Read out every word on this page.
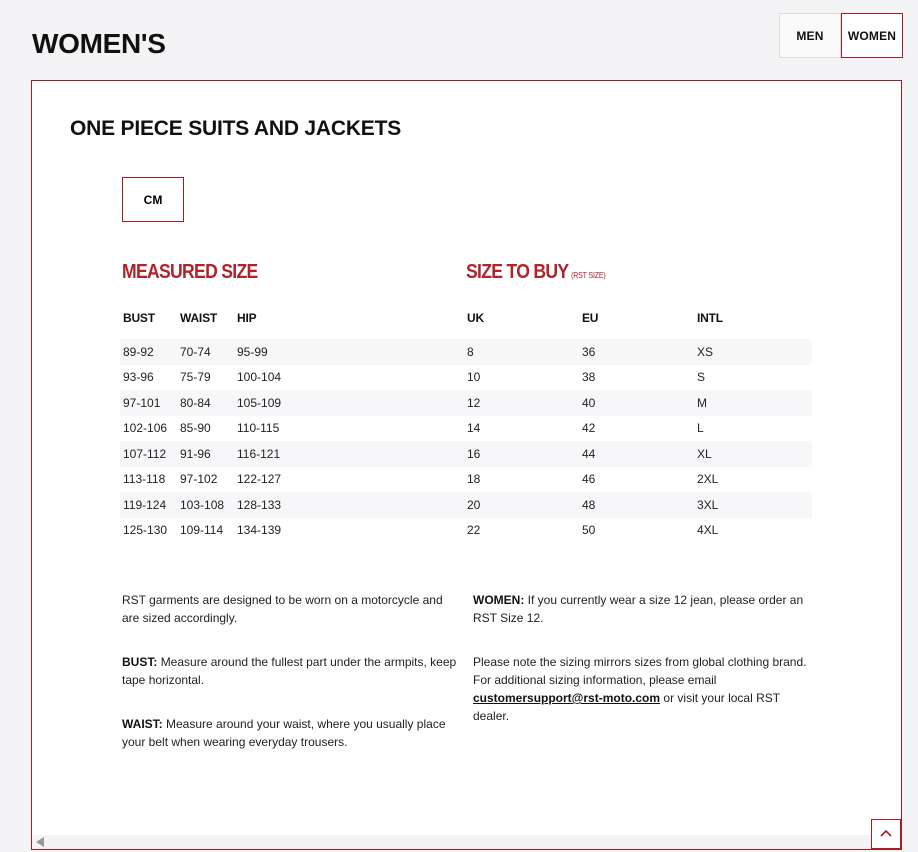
WOMEN'S	MEN	WOMEN
ONE PIECE SUITS AND JACKETS
CM
MEASURED SIZE	SIZE TO BUY (RST SIZE)
BUST	WAIST	HIP	UK	EU	INTL
89-92	70-74	95-99	8	36	XS
93-96	75-79	100-104	10	38	S
97-101	80-84	105-109	12	40	M
102-106	85-90	110-115	14	42	L
107-112	91-96	116-121	16	44	XL
113-118	97-102	122-127	18	46	2XL
119-124	103-108	128-133	20	48	3XL
125-130	109-114	134-139	22	50	4XL

RST garments are designed to be worn on a motorcycle and are sized accordingly.

BUST: Measure around the fullest part under the armpits, keep tape horizontal.

WAIST: Measure around your waist, where you usually place your belt when wearing everyday trousers.

WOMEN: If you currently wear a size 12 jean, please order an RST Size 12.

Please note the sizing mirrors sizes from global clothing brand. For additional sizing information, please email customersupport@rst-moto.com or visit your local RST dealer.
